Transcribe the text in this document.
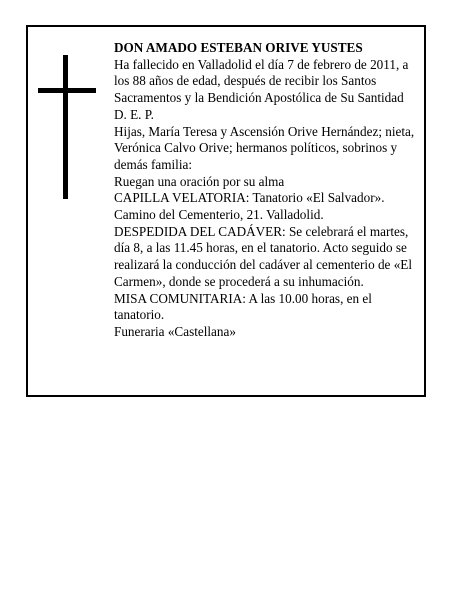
DON AMADO ESTEBAN ORIVE YUSTES

Ha fallecido en Valladolid el día 7 de febrero de 2011, a los 88 años de edad, después de recibir los Santos Sacramentos y la Bendición Apostólica de Su Santidad

D. E. P.

Hijas, María Teresa y Ascensión Orive Hernández; nieta, Verónica Calvo Orive; hermanos políticos, sobrinos y demás familia:

Ruegan una oración por su alma

CAPILLA VELATORIA: Tanatorio «El Salvador». Camino del Cementerio, 21. Valladolid.

DESPEDIDA DEL CADÁVER: Se celebrará el martes, día 8, a las 11.45 horas, en el tanatorio. Acto seguido se realizará la conducción del cadáver al cementerio de «El Carmen», donde se procederá a su inhumación.

MISA COMUNITARIA: A las 10.00 horas, en el tanatorio.

Funeraria «Castellana»
